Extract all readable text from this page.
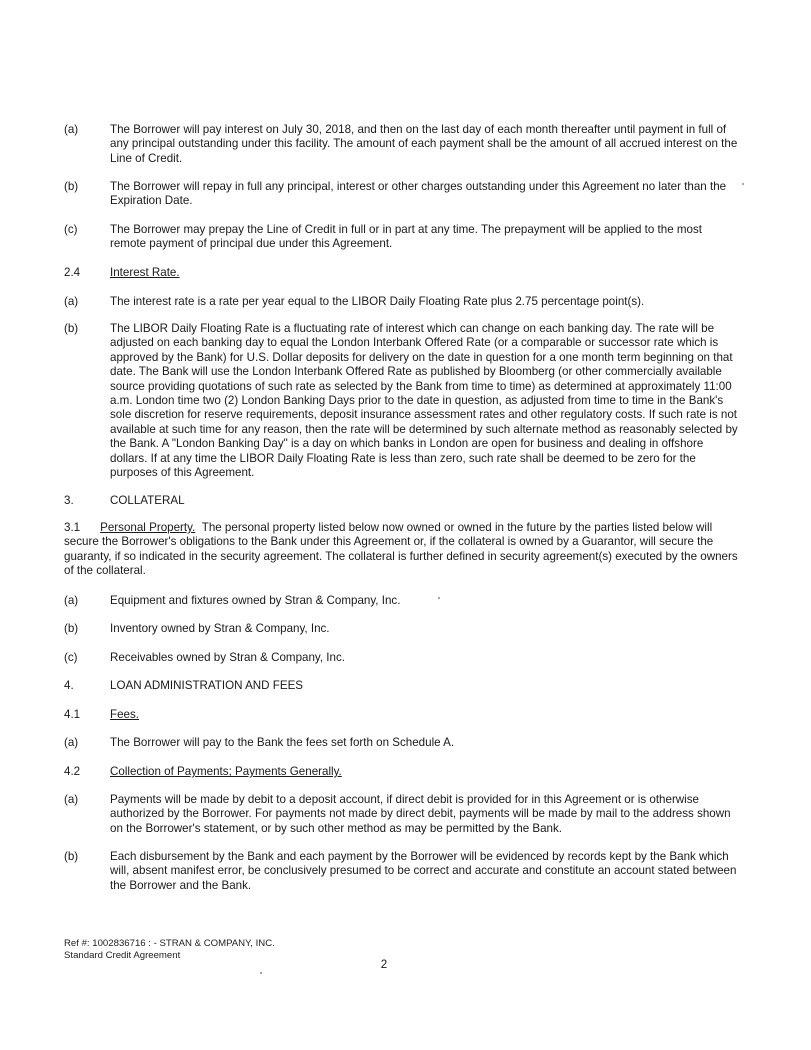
(a)	The Borrower will pay interest on July 30, 2018, and then on the last day of each month thereafter until payment in full of any principal outstanding under this facility. The amount of each payment shall be the amount of all accrued interest on the Line of Credit.
(b)	The Borrower will repay in full any principal, interest or other charges outstanding under this Agreement no later than the Expiration Date.
(c)	The Borrower may prepay the Line of Credit in full or in part at any time. The prepayment will be applied to the most remote payment of principal due under this Agreement.
2.4	Interest Rate.
(a)	The interest rate is a rate per year equal to the LIBOR Daily Floating Rate plus 2.75 percentage point(s).
(b)	The LIBOR Daily Floating Rate is a fluctuating rate of interest which can change on each banking day. The rate will be adjusted on each banking day to equal the London Interbank Offered Rate (or a comparable or successor rate which is approved by the Bank) for U.S. Dollar deposits for delivery on the date in question for a one month term beginning on that date. The Bank will use the London Interbank Offered Rate as published by Bloomberg (or other commercially available source providing quotations of such rate as selected by the Bank from time to time) as determined at approximately 11:00 a.m. London time two (2) London Banking Days prior to the date in question, as adjusted from time to time in the Bank's sole discretion for reserve requirements, deposit insurance assessment rates and other regulatory costs. If such rate is not available at such time for any reason, then the rate will be determined by such alternate method as reasonably selected by the Bank. A "London Banking Day" is a day on which banks in London are open for business and dealing in offshore dollars. If at any time the LIBOR Daily Floating Rate is less than zero, such rate shall be deemed to be zero for the purposes of this Agreement.
3.	COLLATERAL
3.1 Personal Property. The personal property listed below now owned or owned in the future by the parties listed below will secure the Borrower's obligations to the Bank under this Agreement or, if the collateral is owned by a Guarantor, will secure the guaranty, if so indicated in the security agreement. The collateral is further defined in security agreement(s) executed by the owners of the collateral.
(a)	Equipment and fixtures owned by Stran & Company, Inc.
(b)	Inventory owned by Stran & Company, Inc.
(c)	Receivables owned by Stran & Company, Inc.
4.	LOAN ADMINISTRATION AND FEES
4.1	Fees.
(a)	The Borrower will pay to the Bank the fees set forth on Schedule A.
4.2	Collection of Payments; Payments Generally.
(a)	Payments will be made by debit to a deposit account, if direct debit is provided for in this Agreement or is otherwise authorized by the Borrower. For payments not made by direct debit, payments will be made by mail to the address shown on the Borrower's statement, or by such other method as may be permitted by the Bank.
(b)	Each disbursement by the Bank and each payment by the Borrower will be evidenced by records kept by the Bank which will, absent manifest error, be conclusively presumed to be correct and accurate and constitute an account stated between the Borrower and the Bank.
Ref #: 1002836716 : - STRAN & COMPANY, INC.
Standard Credit Agreement
2
